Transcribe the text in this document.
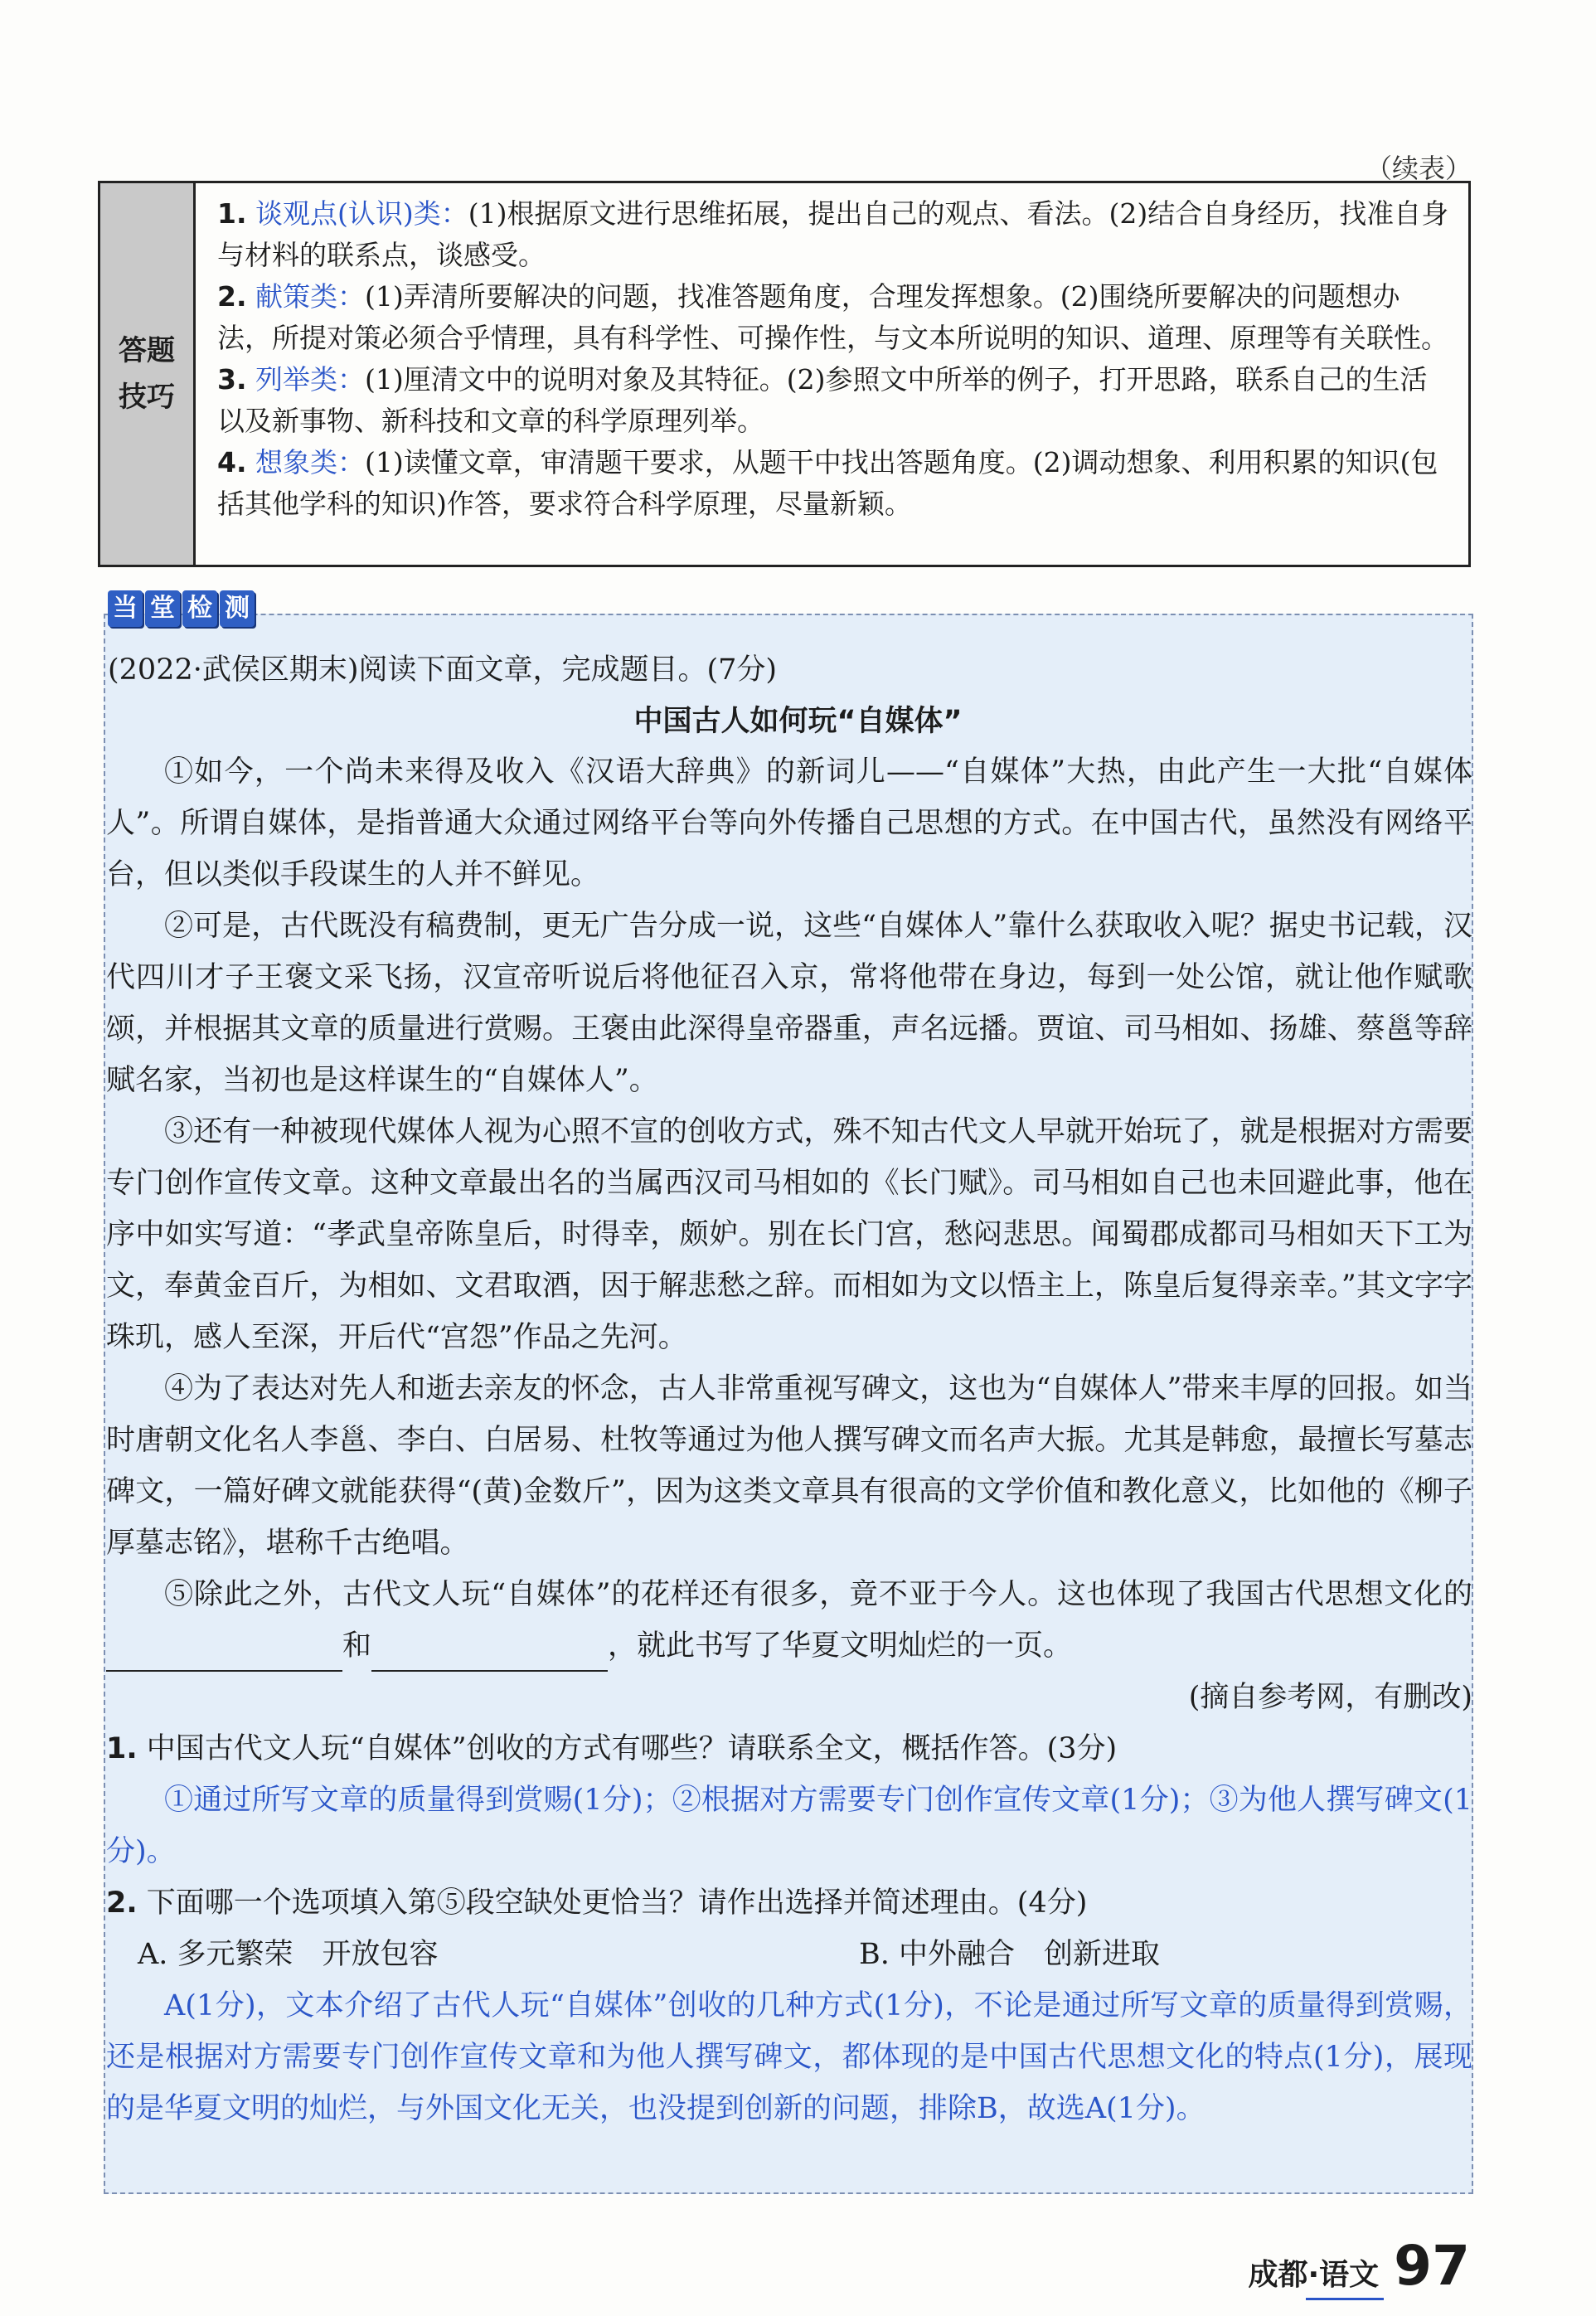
（续表）
答题
技巧
1. 谈观点(认识)类：(1)根据原文进行思维拓展，提出自己的观点、看法。(2)结合自身经历，找准自身与材料的联系点，谈感受。
2. 献策类：(1)弄清所要解决的问题，找准答题角度，合理发挥想象。(2)围绕所要解决的问题想办法，所提对策必须合乎情理，具有科学性、可操作性，与文本所说明的知识、道理、原理等有关联性。
3. 列举类：(1)厘清文中的说明对象及其特征。(2)参照文中所举的例子，打开思路，联系自己的生活以及新事物、新科技和文章的科学原理列举。
4. 想象类：(1)读懂文章，审清题干要求，从题干中找出答题角度。(2)调动想象、利用积累的知识(包括其他学科的知识)作答，要求符合科学原理，尽量新颖。
当 堂 检 测
(2022·武侯区期末)阅读下面文章，完成题目。(7分)
中国古人如何玩“自媒体”

①如今，一个尚未来得及收入《汉语大辞典》的新词儿——“自媒体”大热，由此产生一大批“自媒体人”。所谓自媒体，是指普通大众通过网络平台等向外传播自己思想的方式。在中国古代，虽然没有网络平台，但以类似手段谋生的人并不鲜见。

②可是，古代既没有稿费制，更无广告分成一说，这些“自媒体人”靠什么获取收入呢？据史书记载，汉代四川才子王褒文采飞扬，汉宣帝听说后将他征召入京，常将他带在身边，每到一处公馆，就让他作赋歌颂，并根据其文章的质量进行赏赐。王褒由此深得皇帝器重，声名远播。贾谊、司马相如、扬雄、蔡邕等辞赋名家，当初也是这样谋生的“自媒体人”。

③还有一种被现代媒体人视为心照不宣的创收方式，殊不知古代文人早就开始玩了，就是根据对方需要专门创作宣传文章。这种文章最出名的当属西汉司马相如的《长门赋》。司马相如自己也未回避此事，他在序中如实写道：“孝武皇帝陈皇后，时得幸，颇妒。别在长门宫，愁闷悲思。闻蜀郡成都司马相如天下工为文，奉黄金百斤，为相如、文君取酒，因于解悲愁之辞。而相如为文以悟主上，陈皇后复得亲幸。”其文字字珠玑，感人至深，开后代“宫怨”作品之先河。

④为了表达对先人和逝去亲友的怀念，古人非常重视写碑文，这也为“自媒体人”带来丰厚的回报。如当时唐朝文化名人李邕、李白、白居易、杜牧等通过为他人撰写碑文而名声大振。尤其是韩愈，最擅长写墓志碑文，一篇好碑文就能获得“(黄)金数斤”，因为这类文章具有很高的文学价值和教化意义，比如他的《柳子厚墓志铭》，堪称千古绝唱。

⑤除此之外，古代文人玩“自媒体”的花样还有很多，竟不亚于今人。这也体现了我国古代思想文化的和	，就此书写了华夏文明灿烂的一页。

(摘自参考网，有删改)

1. 中国古代文人玩“自媒体”创收的方式有哪些？请联系全文，概括作答。(3分)

①通过所写文章的质量得到赏赐(1分)；②根据对方需要专门创作宣传文章(1分)；③为他人撰写碑文(1分)。

2. 下面哪一个选项填入第⑤段空缺处更恰当？请作出选择并简述理由。(4分)

A. 多元繁荣　开放包容	B. 中外融合　创新进取

A(1分)，文本介绍了古代人玩“自媒体”创收的几种方式(1分)，不论是通过所写文章的质量得到赏赐，还是根据对方需要专门创作宣传文章和为他人撰写碑文，都体现的是中国古代思想文化的特点(1分)，展现的是华夏文明的灿烂，与外国文化无关，也没提到创新的问题，排除B，故选A(1分)。

成都·语文 97
